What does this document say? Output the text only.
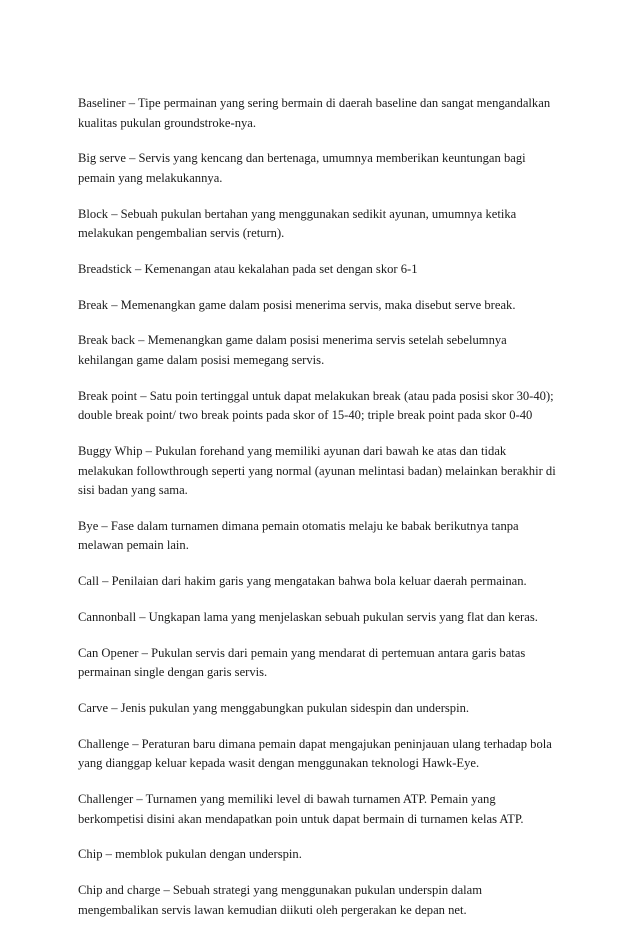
Baseliner – Tipe permainan yang sering bermain di daerah baseline dan sangat mengandalkan kualitas pukulan groundstroke-nya.

Big serve – Servis yang kencang dan bertenaga, umumnya memberikan keuntungan bagi pemain yang melakukannya.

Block – Sebuah pukulan bertahan yang menggunakan sedikit ayunan, umumnya ketika melakukan pengembalian servis (return).

Breadstick – Kemenangan atau kekalahan pada set dengan skor 6-1

Break – Memenangkan game dalam posisi menerima servis, maka disebut serve break.

Break back – Memenangkan game dalam posisi menerima servis setelah sebelumnya kehilangan game dalam posisi memegang servis.

Break point – Satu poin tertinggal untuk dapat melakukan break (atau pada posisi skor 30-40); double break point/ two break points pada skor of 15-40; triple break point pada skor 0-40

Buggy Whip – Pukulan forehand yang memiliki ayunan dari bawah ke atas dan tidak melakukan followthrough seperti yang normal (ayunan melintasi badan) melainkan berakhir di sisi badan yang sama.

Bye – Fase dalam turnamen dimana pemain otomatis melaju ke babak berikutnya tanpa melawan pemain lain.

Call – Penilaian dari hakim garis yang mengatakan bahwa bola keluar daerah permainan.

Cannonball – Ungkapan lama yang menjelaskan sebuah pukulan servis yang flat dan keras.

Can Opener – Pukulan servis dari pemain yang mendarat di pertemuan antara garis batas permainan single dengan garis servis.

Carve – Jenis pukulan yang menggabungkan pukulan sidespin dan underspin.

Challenge – Peraturan baru dimana pemain dapat mengajukan peninjauan ulang terhadap bola yang dianggap keluar kepada wasit dengan menggunakan teknologi Hawk-Eye.

Challenger – Turnamen yang memiliki level di bawah turnamen ATP. Pemain yang berkompetisi disini akan mendapatkan poin untuk dapat bermain di turnamen kelas ATP.

Chip – memblok pukulan dengan underspin.

Chip and charge – Sebuah strategi yang menggunakan pukulan underspin dalam mengembalikan servis lawan kemudian diikuti oleh pergerakan ke depan net.
